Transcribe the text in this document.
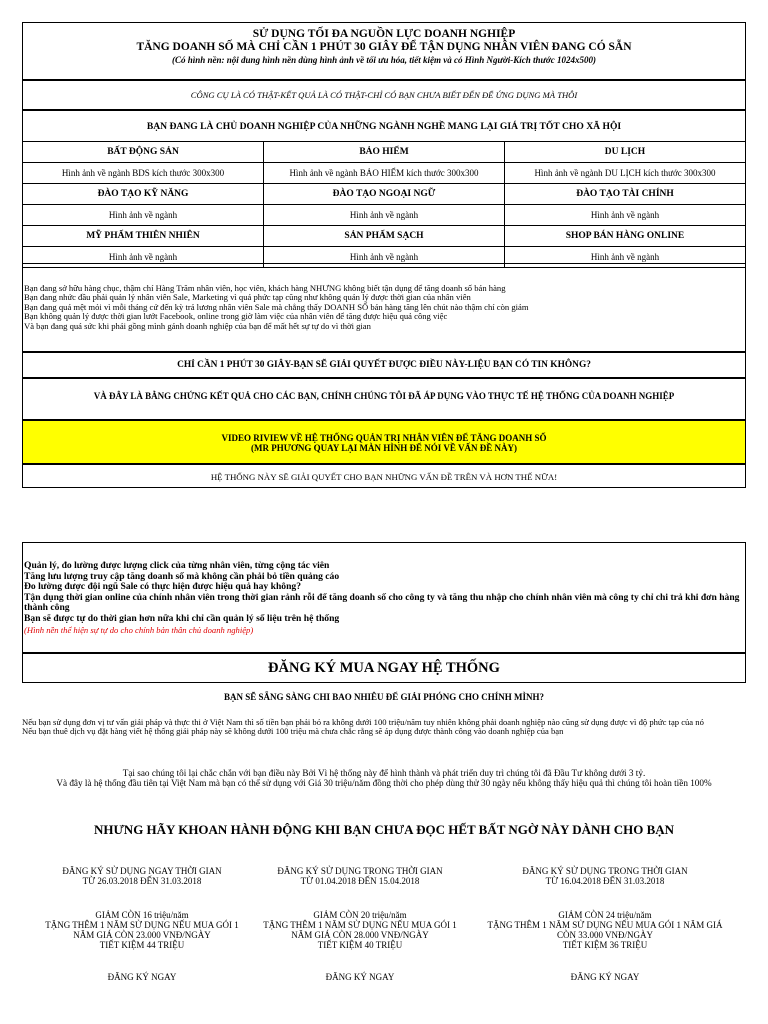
SỬ DỤNG TỐI ĐA NGUỒN LỰC DOANH NGHIỆP
TĂNG DOANH SỐ MÀ CHỈ CẦN 1 PHÚT 30 GIÂY ĐỂ TẬN DỤNG NHÂN VIÊN ĐANG CÓ SẴN
(Có hình nền: nội dung hình nền dùng hình ảnh về tối ưu hóa, tiết kiệm và có Hình Người-Kích thước 1024x500)
CÔNG CỤ LÀ CÓ THẬT-KẾT QUẢ LÀ CÓ THẬT-CHỈ CÓ BẠN CHƯA BIẾT ĐẾN ĐỂ ỨNG DỤNG MÀ THÔI
BẠN ĐANG LÀ CHỦ DOANH NGHIỆP CỦA NHỮNG NGÀNH NGHỀ MANG LẠI GIÁ TRỊ TỐT CHO XÃ HỘI
BẤT ĐỘNG SẢN	BẢO HIỂM	DU LỊCH
Hình ảnh về ngành BDS kích thước 300x300	Hình ảnh về ngành BẢO HIỂM kích thước 300x300	Hình ảnh về ngành DU LỊCH kích thước 300x300
ĐÀO TẠO KỸ NĂNG	ĐÀO TẠO NGOẠI NGỮ	ĐÀO TẠO TÀI CHÍNH
Hình ảnh về ngành	Hình ảnh về ngành	Hình ảnh về ngành
MỸ PHẨM THIÊN NHIÊN	SẢN PHẨM SẠCH	SHOP BÁN HÀNG ONLINE
Hình ảnh về ngành	Hình ảnh về ngành	Hình ảnh về ngành
Bạn đang sở hữu hàng chục, thậm chí Hàng Trăm nhân viên, học viên, khách hàng NHƯNG không biết tận dụng để tăng doanh số bán hàng
Bạn đang nhức đầu phải quản lý nhân viên Sale, Marketing vì quá phức tạp cũng như không quản lý được thời gian của nhân viên
Bạn đang quá mệt mỏi vì mỗi tháng cứ đến kỳ trả lương nhân viên Sale mà chẳng thấy DOANH SỐ bán hàng tăng lên chút nào thậm chí còn giảm
Bạn không quản lý được thời gian lướt Facebook, online trong giờ làm việc của nhân viên để tăng được hiệu quả công việc
Và bạn đang quá sức khi phải gồng mình gánh doanh nghiệp của bạn để mất hết sự tự do vì thời gian
CHỈ CẦN 1 PHÚT 30 GIÂY-BẠN SẼ GIẢI QUYẾT ĐƯỢC ĐIỀU NÀY-LIỆU BẠN CÓ TIN KHÔNG?
VÀ ĐÂY LÀ BẰNG CHỨNG KẾT QUẢ CHO CÁC BẠN, CHÍNH CHÚNG TÔI ĐÃ ÁP DỤNG VÀO THỰC TẾ HỆ THỐNG CỦA DOANH NGHIỆP
VIDEO RIVIEW VỀ HỆ THỐNG QUẢN TRỊ NHÂN VIÊN ĐỂ TĂNG DOANH SỐ
(MR PHƯƠNG QUAY LẠI MÀN HÌNH ĐỂ NÓI VỀ VẤN ĐỀ NÀY)
HỆ THỐNG NÀY SẼ GIẢI QUYẾT CHO BẠN NHỮNG VẤN ĐỀ TRÊN VÀ HƠN THẾ NỮA!
Quản lý, đo lường được lượng click của từng nhân viên, từng cộng tác viên
Tăng lưu lượng truy cập tăng doanh số mà không cần phải bỏ tiền quảng cáo
Đo lường được đội ngũ Sale có thực hiện được hiệu quả hay không?
Tận dụng thời gian online của chính nhân viên trong thời gian rảnh rỗi để tăng doanh số cho công ty và tăng thu nhập cho chính nhân viên mà công ty chỉ chi trả khi đơn hàng thành công
Bạn sẽ được tự do thời gian hơn nữa khi chỉ cần quản lý số liệu trên hệ thống
(Hình nền thể hiện sự tự do cho chính bản thân chủ doanh nghiệp)
ĐĂNG KÝ MUA NGAY HỆ THỐNG
BẠN SẼ SẴNG SÀNG CHI BAO NHIÊU ĐỂ GIẢI PHÓNG CHO CHÍNH MÌNH?
Nếu bạn sử dụng đơn vị tư vấn giải pháp và thực thi ở Việt Nam thì số tiền bạn phải bỏ ra không dưới 100 triệu/năm tuy nhiên không phải doanh nghiệp nào cũng sử dụng được vì độ phức tạp của nó
Nếu bạn thuê dịch vụ đặt hàng viết hệ thống giải pháp này sẽ không dưới 100 triệu mà chưa chắc rằng sẽ áp dụng được thành công vào doanh nghiệp của bạn
Tại sao chúng tôi lại chắc chắn với bạn điều này Bởi Vì hệ thống này để hình thành và phát triển duy trì chúng tôi đã Đầu Tư không dưới 3 tỷ.
Và đây là hệ thống đầu tiên tại Việt Nam mà bạn có thể sử dụng với Giá 30 triệu/năm đồng thời cho phép dùng thử 30 ngày nếu không thấy hiệu quả thì chúng tôi hoàn tiền 100%
NHƯNG HÃY KHOAN HÀNH ĐỘNG KHI BẠN CHƯA ĐỌC HẾT BẤT NGỜ NÀY DÀNH CHO BẠN
ĐĂNG KÝ SỬ DỤNG NGAY THỜI GIAN
TỪ 26.03.2018 ĐẾN 31.03.2018
GIẢM CÒN 16 triệu/năm
TẶNG THÊM 1 NĂM SỬ DỤNG NẾU MUA GÓI 1
NĂM GIÁ CÒN 23.000 VNĐ/NGÀY
TIẾT KIỆM 44 TRIỆU
ĐĂNG KÝ NGAY
ĐĂNG KÝ SỬ DỤNG TRONG THỜI GIAN
TỪ 01.04.2018 ĐẾN 15.04.2018
GIẢM CÒN 20 triệu/năm
TẶNG THÊM 1 NĂM SỬ DỤNG NẾU MUA GÓI 1
NĂM GIÁ CÒN 28.000 VNĐ/NGÀY
TIẾT KIỆM 40 TRIỆU
ĐĂNG KÝ NGAY
ĐĂNG KÝ SỬ DỤNG TRONG THỜI GIAN
TỪ 16.04.2018 ĐẾN 31.03.2018
GIẢM CÒN 24 triệu/năm
TẶNG THÊM 1 NĂM SỬ DỤNG NẾU MUA GÓI 1 NĂM GIÁ
CÒN 33.000 VNĐ/NGÀY
TIẾT KIỆM 36 TRIỆU
ĐĂNG KÝ NGAY
